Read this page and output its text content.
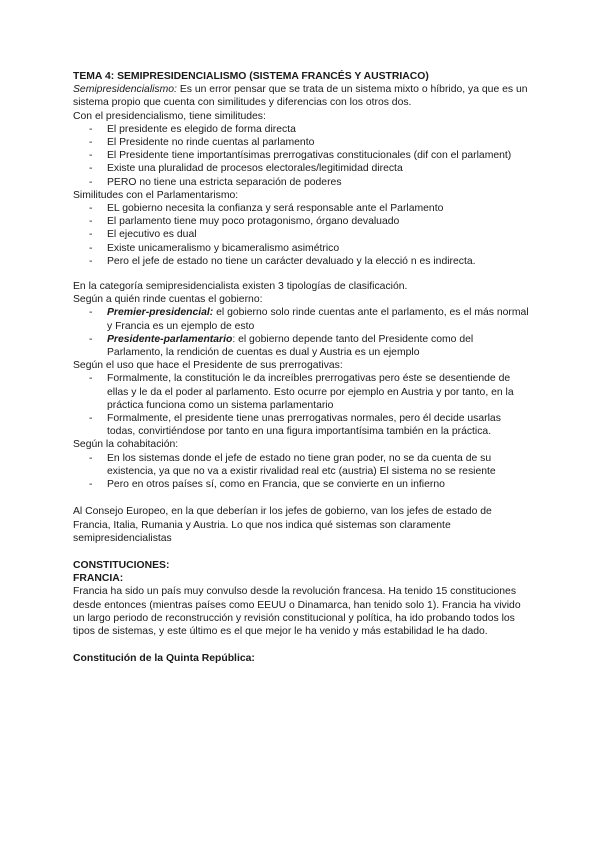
TEMA 4: SEMIPRESIDENCIALISMO (SISTEMA FRANCÉS Y AUSTRIACO)

Semipresidencialismo: Es un error pensar que se trata de un sistema mixto o híbrido, ya que es un sistema propio que cuenta con similitudes y diferencias con los otros dos.

Con el presidencialismo, tiene similitudes:

- El presidente es elegido de forma directa
- El Presidente no rinde cuentas al parlamento
- El Presidente tiene importantísimas prerrogativas constitucionales (dif con el parlament)
- Existe una pluralidad de procesos electorales/legitimidad directa
- PERO no tiene una estricta separación de poderes

Similitudes con el Parlamentarismo:

- EL gobierno necesita la confianza y será responsable ante el Parlamento
- El parlamento tiene muy poco protagonismo, órgano devaluado
- El ejecutivo es dual
- Existe unicameralismo y bicameralismo asimétrico
- Pero el jefe de estado no tiene un carácter devaluado y la elecció n es indirecta.

En la categoría semipresidencialista existen 3 tipologías de clasificación.

Según a quién rinde cuentas el gobierno:

- Premier-presidencial: el gobierno solo rinde cuentas ante el parlamento, es el más normal y Francia es un ejemplo de esto
- Presidente-parlamentario: el gobierno depende tanto del Presidente como del Parlamento, la rendición de cuentas es dual y Austria es un ejemplo

Según el uso que hace el Presidente de sus prerrogativas:

- Formalmente, la constitución le da increíbles prerrogativas pero éste se desentiende de ellas y le da el poder al parlamento. Esto ocurre por ejemplo en Austria y por tanto, en la práctica funciona como un sistema parlamentario
- Formalmente, el presidente tiene unas prerrogativas normales, pero él decide usarlas todas, convirtiéndose por tanto en una figura importantísima también en la práctica.

Según la cohabitación:

- En los sistemas donde el jefe de estado no tiene gran poder, no se da cuenta de su existencia, ya que no va a existir rivalidad real etc (austria) El sistema no se resiente
- Pero en otros países sí, como en Francia, que se convierte en un infierno

Al Consejo Europeo, en la que deberían ir los jefes de gobierno, van los jefes de estado de Francia, Italia, Rumania y Austria. Lo que nos indica qué sistemas son claramente semipresidencialistas

CONSTITUCIONES:

FRANCIA:

Francia ha sido un país muy convulso desde la revolución francesa. Ha tenido 15 constituciones desde entonces (mientras países como EEUU o Dinamarca, han tenido solo 1). Francia ha vivido un largo periodo de reconstrucción y revisión constitucional y política, ha ido probando todos los tipos de sistemas, y este último es el que mejor le ha venido y más estabilidad le ha dado.

Constitución de la Quinta República:
